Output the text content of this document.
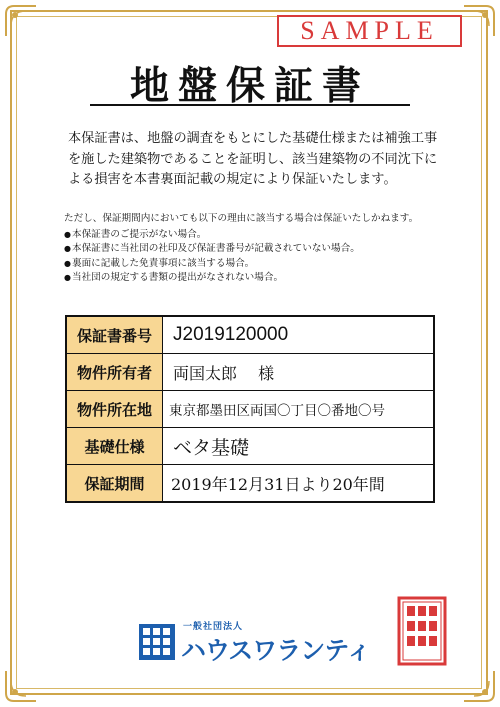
SAMPLE
地盤保証書
本保証書は、地盤の調査をもとにした基礎仕様または補強工事
を施した建築物であることを証明し、該当建築物の不同沈下に
よる損害を本書裏面記載の規定により保証いたします。
ただし、保証期間内においても以下の理由に該当する場合は保証いたしかねます。
● 本保証書のご提示がない場合。
● 本保証書に当社団の社印及び保証書番号が記載されていない場合。
● 裏面に記載した免責事項に該当する場合。
● 当社団の規定する書類の提出がなされない場合。
保証書番号	J2019120000
物件所有者	両国太郎　 様
物件所在地	東京都墨田区両国〇丁目〇番地〇号
基礎仕様	ベタ基礎
保証期間	2019年12月31日より20年間
一般社団法人
ハウスワランティ
